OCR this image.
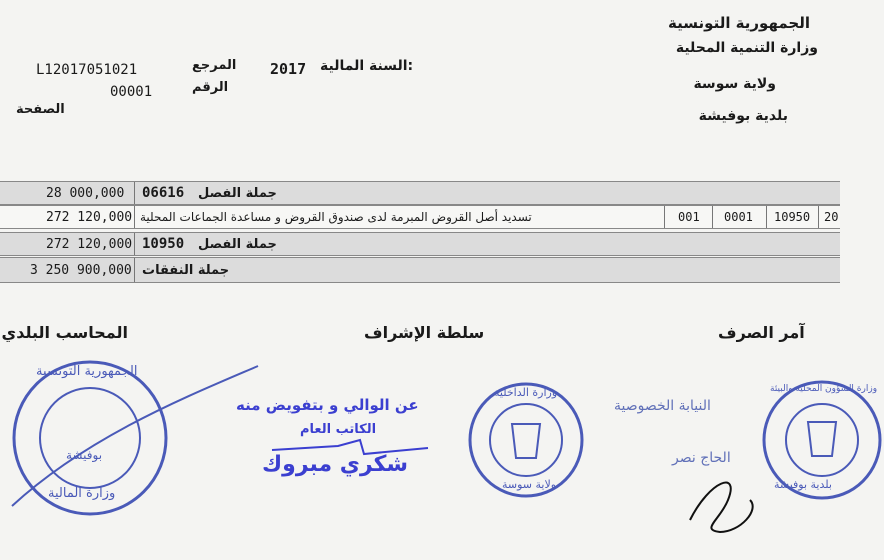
الجمهورية التونسية
وزارة التنمية المحلية
ولاية سوسة
بلدية بوفيشة
السنة المالية:
2017
المرجع
L12017051021
الرقم
00001
الصفحة
28 000,000 06616 جملة الفصل
272 120,000 تسديد أصل القروض المبرمة لدى صندوق القروض و مساعدة الجماعات المحلية	001 0001 10950 20
272 120,000 10950 جملة الفصل
3 250 900,000 جملة النفقات
آمر الصرف
سلطة الإشراف
المحاسب البلدي
الجمهورية التونسية
بوفيشة
وزارة المالية
عن الوالي و بتفويض منه
الكاتب العام
شكري مبروك
وزارة الداخلية
ولاية سوسة
النيابة الخصوصية
الحاج نصر
وزارة الشؤون المحلية والبيئة
بلدية بوفيشة
